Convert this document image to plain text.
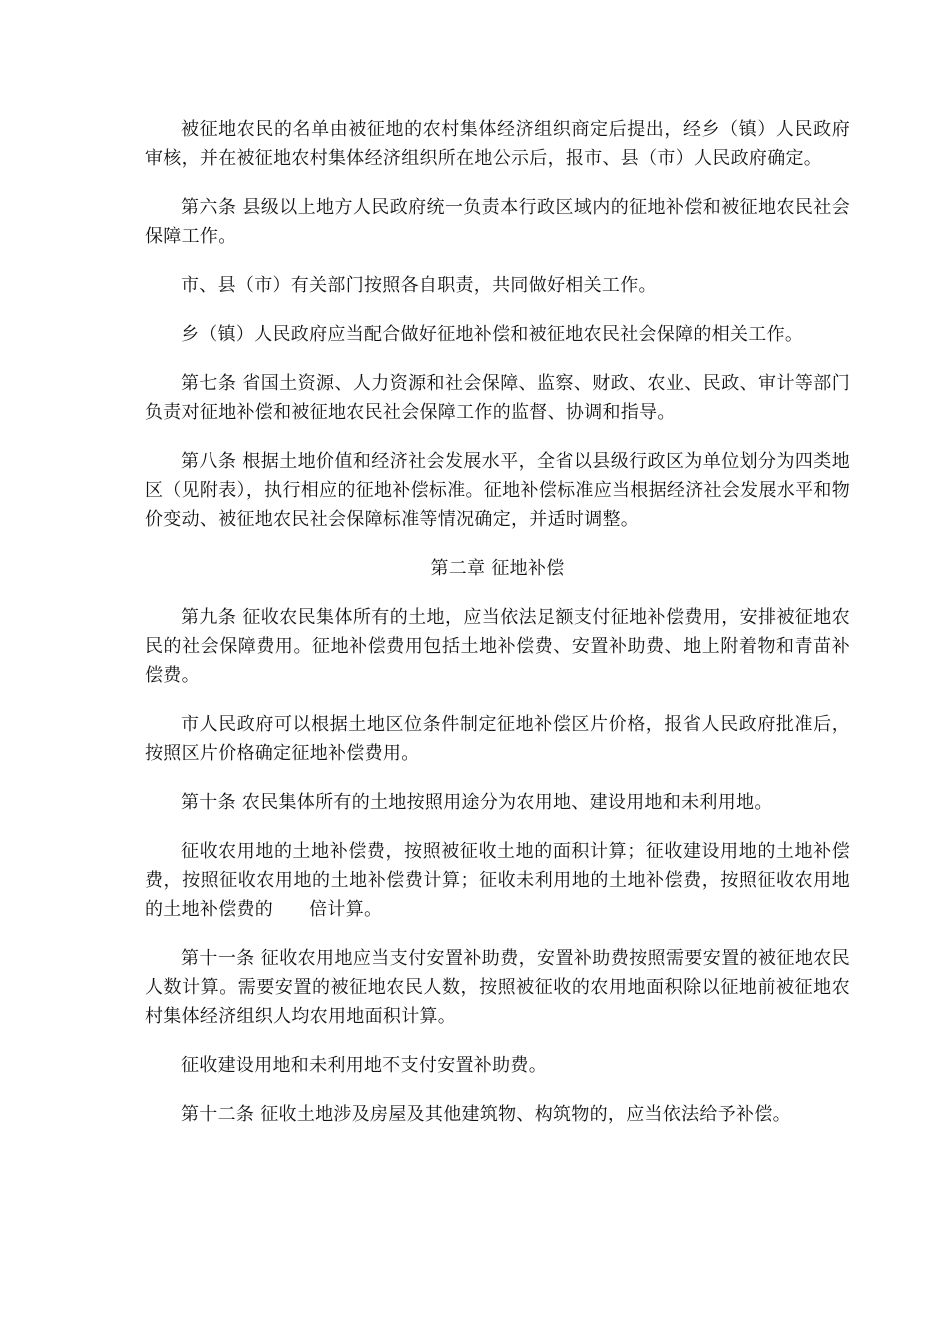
被征地农民的名单由被征地的农村集体经济组织商定后提出，经乡（镇）人民政府审核，并在被征地农村集体经济组织所在地公示后，报市、县（市）人民政府确定。

第六条 县级以上地方人民政府统一负责本行政区域内的征地补偿和被征地农民社会保障工作。

市、县（市）有关部门按照各自职责，共同做好相关工作。

乡（镇）人民政府应当配合做好征地补偿和被征地农民社会保障的相关工作。

第七条 省国土资源、人力资源和社会保障、监察、财政、农业、民政、审计等部门负责对征地补偿和被征地农民社会保障工作的监督、协调和指导。

第八条 根据土地价值和经济社会发展水平，全省以县级行政区为单位划分为四类地区（见附表），执行相应的征地补偿标准。征地补偿标准应当根据经济社会发展水平和物价变动、被征地农民社会保障标准等情况确定，并适时调整。

第二章 征地补偿

第九条 征收农民集体所有的土地，应当依法足额支付征地补偿费用，安排被征地农民的社会保障费用。征地补偿费用包括土地补偿费、安置补助费、地上附着物和青苗补偿费。

市人民政府可以根据土地区位条件制定征地补偿区片价格，报省人民政府批准后，按照区片价格确定征地补偿费用。

第十条 农民集体所有的土地按照用途分为农用地、建设用地和未利用地。

征收农用地的土地补偿费，按照被征收土地的面积计算；征收建设用地的土地补偿费，按照征收农用地的土地补偿费计算；征收未利用地的土地补偿费，按照征收农用地的土地补偿费的 倍计算。

第十一条 征收农用地应当支付安置补助费，安置补助费按照需要安置的被征地农民人数计算。需要安置的被征地农民人数，按照被征收的农用地面积除以征地前被征地农村集体经济组织人均农用地面积计算。

征收建设用地和未利用地不支付安置补助费。

第十二条 征收土地涉及房屋及其他建筑物、构筑物的，应当依法给予补偿。
